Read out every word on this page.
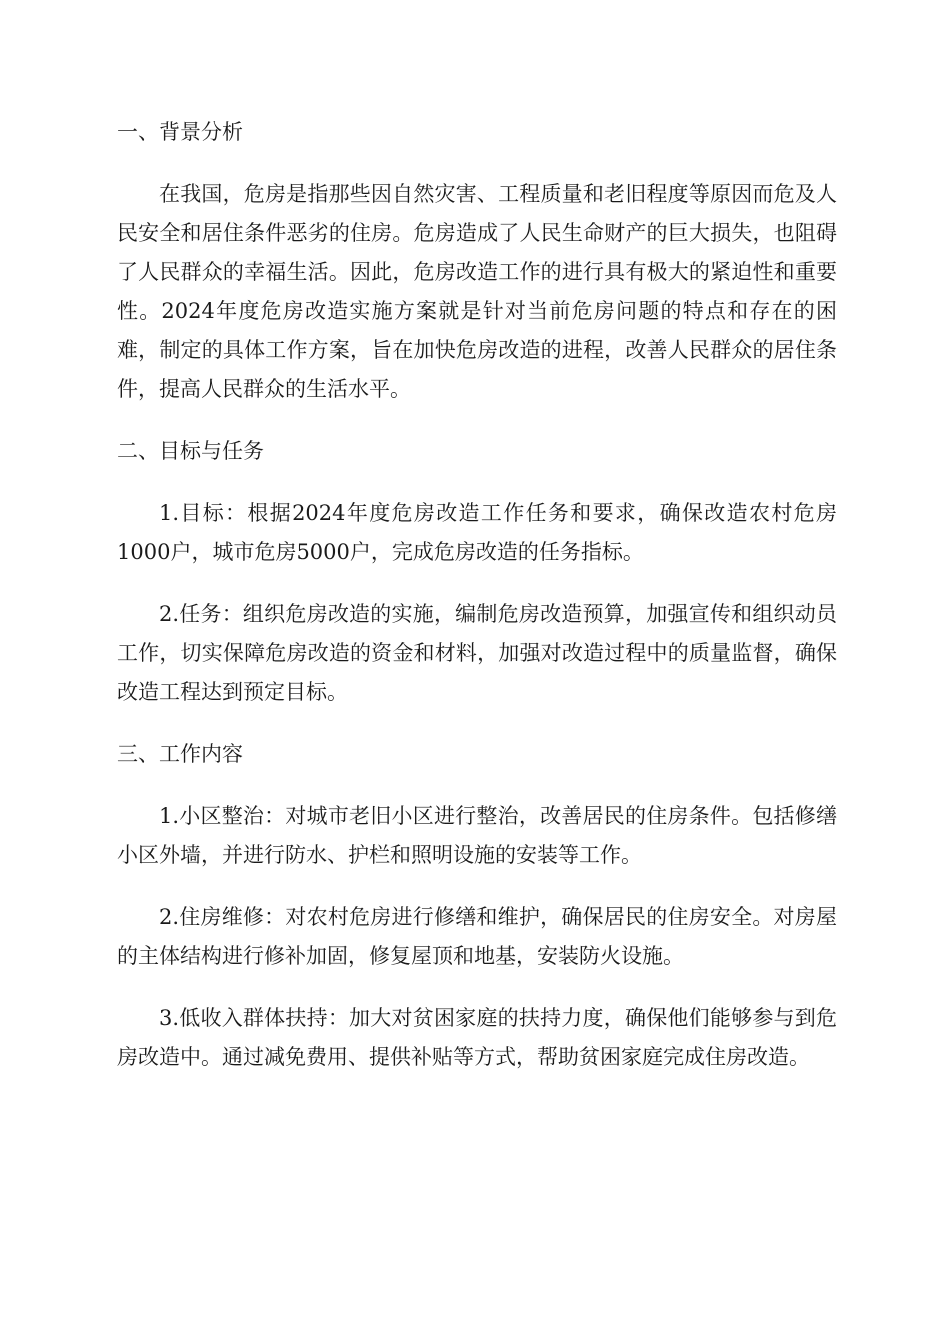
一、背景分析

在我国，危房是指那些因自然灾害、工程质量和老旧程度等原因而危及人民安全和居住条件恶劣的住房。危房造成了人民生命财产的巨大损失，也阻碍了人民群众的幸福生活。因此，危房改造工作的进行具有极大的紧迫性和重要性。2024年度危房改造实施方案就是针对当前危房问题的特点和存在的困难，制定的具体工作方案，旨在加快危房改造的进程，改善人民群众的居住条件，提高人民群众的生活水平。

二、目标与任务

1.目标：根据2024年度危房改造工作任务和要求，确保改造农村危房1000户，城市危房5000户，完成危房改造的任务指标。

2.任务：组织危房改造的实施，编制危房改造预算，加强宣传和组织动员工作，切实保障危房改造的资金和材料，加强对改造过程中的质量监督，确保改造工程达到预定目标。

三、工作内容

1.小区整治：对城市老旧小区进行整治，改善居民的住房条件。包括修缮小区外墙，并进行防水、护栏和照明设施的安装等工作。

2.住房维修：对农村危房进行修缮和维护，确保居民的住房安全。对房屋的主体结构进行修补加固，修复屋顶和地基，安装防火设施。

3.低收入群体扶持：加大对贫困家庭的扶持力度，确保他们能够参与到危房改造中。通过减免费用、提供补贴等方式，帮助贫困家庭完成住房改造。
